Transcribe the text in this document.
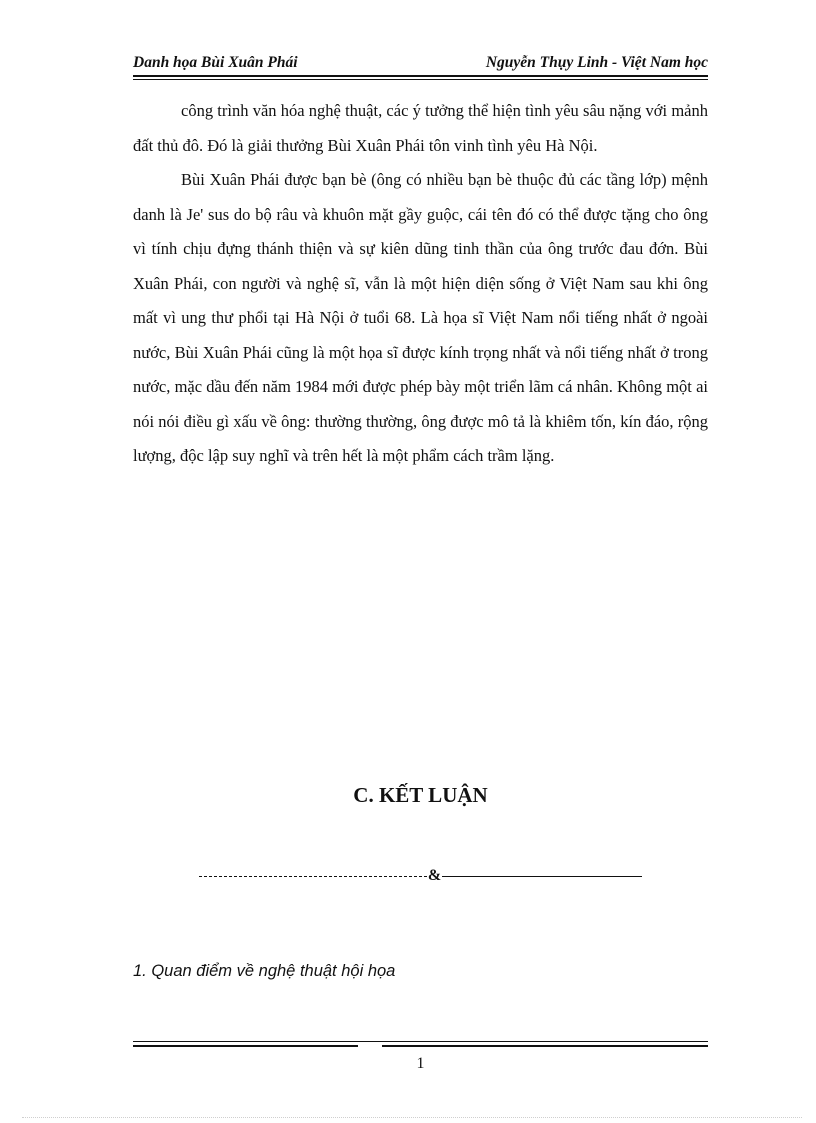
Danh họa Bùi Xuân Phái	Nguyễn Thụy Linh - Việt Nam học

công trình văn hóa nghệ thuật, các ý tưởng thể hiện tình yêu sâu nặng với mảnh đất thủ đô. Đó là giải thưởng Bùi Xuân Phái tôn vinh tình yêu Hà Nội.

Bùi Xuân Phái được bạn bè (ông có nhiều bạn bè thuộc đủ các tầng lớp) mệnh danh là Je' sus do bộ râu và khuôn mặt gầy guộc, cái tên đó có thể được tặng cho ông vì tính chịu đựng thánh thiện và sự kiên dũng tinh thần của ông trước đau đớn. Bùi Xuân Phái, con người và nghệ sĩ, vẫn là một hiện diện sống ở Việt Nam sau khi ông mất vì ung thư phổi tại Hà Nội ở tuổi 68. Là họa sĩ Việt Nam nổi tiếng nhất ở ngoài nước, Bùi Xuân Phái cũng là một họa sĩ được kính trọng nhất và nổi tiếng nhất ở trong nước, mặc dầu đến năm 1984 mới được phép bày một triển lãm cá nhân. Không một ai nói nói điều gì xấu về ông: thường thường, ông được mô tả là khiêm tốn, kín đáo, rộng lượng, độc lập suy nghĩ và trên hết là một phẩm cách trầm lặng.

C. KẾT LUẬN
&
1. Quan điểm về nghệ thuật hội họa
1
